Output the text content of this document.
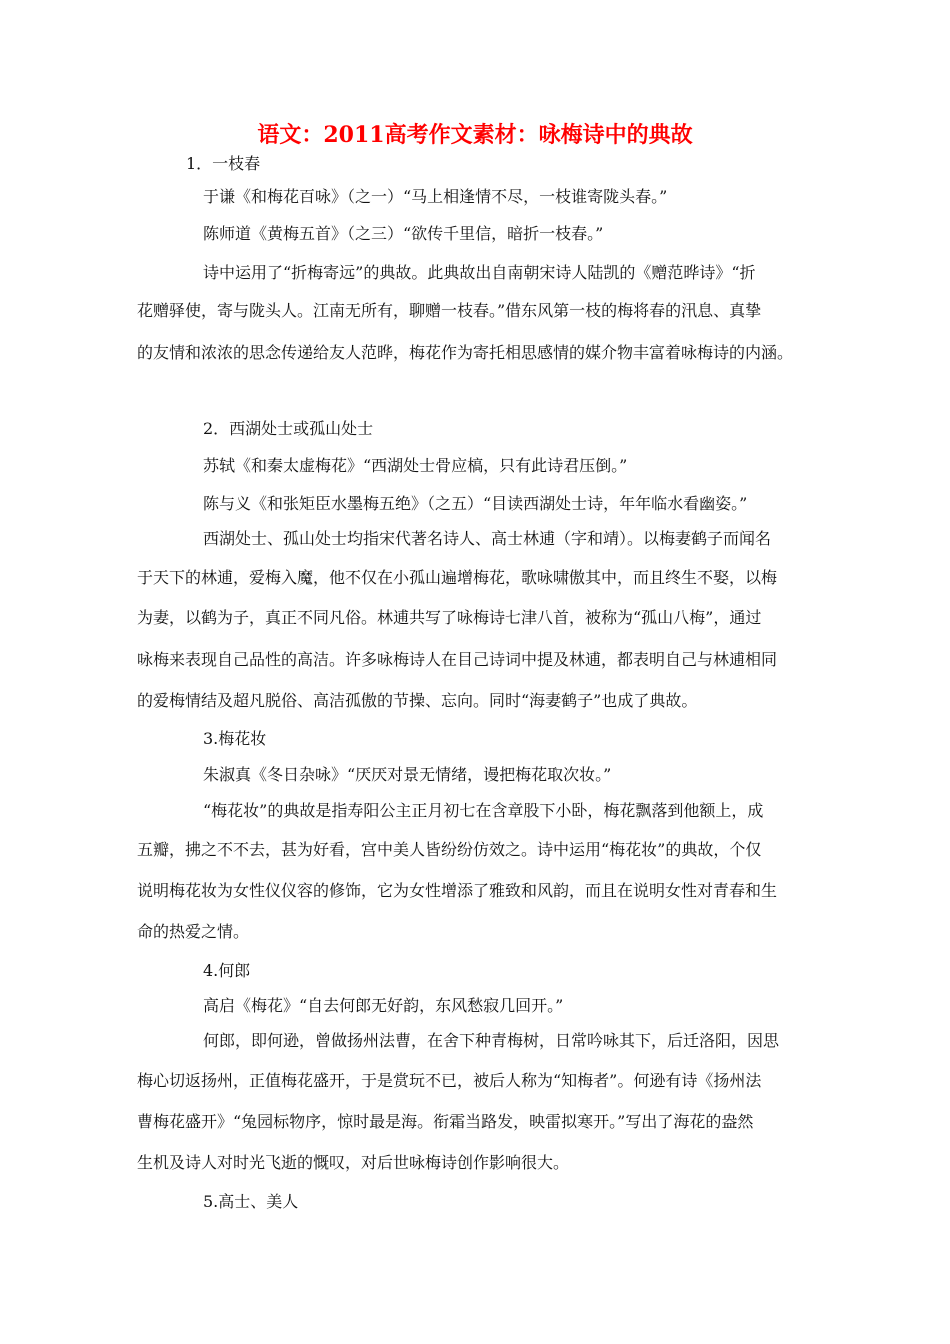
语文：2011高考作文素材：咏梅诗中的典故

1．一枝春

于谦《和梅花百咏》（之一）“马上相逢情不尽，一枝谁寄陇头春。”

陈师道《黄梅五首》（之三）“欲传千里信，暗折一枝春。”

诗中运用了“折梅寄远”的典故。此典故出自南朝宋诗人陆凯的《赠范晔诗》“折

花赠驿使，寄与陇头人。江南无所有，聊赠一枝春。”借东风第一枝的梅将春的汛息、真挚

的友情和浓浓的思念传递给友人范晔，梅花作为寄托相思感情的媒介物丰富着咏梅诗的内涵。

2．西湖处士或孤山处士

苏轼《和秦太虚梅花》“西湖处士骨应槁，只有此诗君压倒。”

陈与义《和张矩臣水墨梅五绝》（之五）“目读西湖处士诗，年年临水看幽姿。”

西湖处士、孤山处士均指宋代著名诗人、高士林逋（字和靖）。以梅妻鹤子而闻名

于天下的林逋，爱梅入魔，他不仅在小孤山遍增梅花，歌咏啸傲其中，而且终生不娶，以梅

为妻，以鹤为子，真正不同凡俗。林逋共写了咏梅诗七津八首，被称为“孤山八梅”，通过

咏梅来表现自己品性的高洁。许多咏梅诗人在目己诗词中提及林逋，都表明自己与林逋相同

的爱梅情结及超凡脱俗、高洁孤傲的节操、忘向。同时“海妻鹤子”也成了典故。

3.梅花妆

朱淑真《冬日杂咏》“厌厌对景无情绪，谩把梅花取次妆。”

“梅花妆”的典故是指寿阳公主正月初七在含章股下小卧，梅花飘落到他额上，成

五瓣，拂之不不去，甚为好看，宫中美人皆纷纷仿效之。诗中运用“梅花妆”的典故，个仅

说明梅花妆为女性仪仪容的修饰，它为女性增添了雅致和风韵，而且在说明女性对青春和生

命的热爱之情。

4.何郎

高启《梅花》“自去何郎无好韵，东风愁寂几回开。”

何郎，即何逊，曾做扬州法曹，在舍下种青梅树，日常吟咏其下，后迁洛阳，因思

梅心切返扬州，正值梅花盛开，于是赏玩不已，被后人称为“知梅者”。何逊有诗《扬州法

曹梅花盛开》“兔园标物序，惊时最是海。衔霜当路发，映雷拟寒开。”写出了海花的盎然

生机及诗人对时光飞逝的慨叹，对后世咏梅诗创作影响很大。

5.高士、美人
